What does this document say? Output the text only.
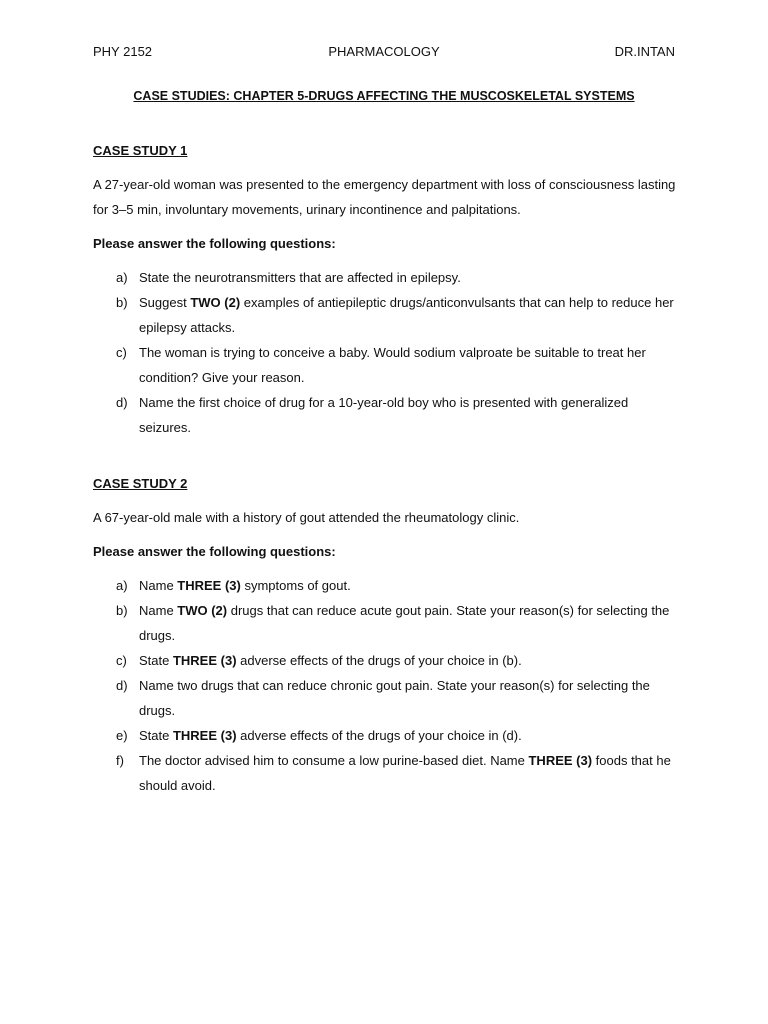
PHY 2152	PHARMACOLOGY	DR.INTAN
CASE STUDIES: CHAPTER 5-DRUGS AFFECTING THE MUSCOSKELETAL SYSTEMS

CASE STUDY 1

A 27-year-old woman was presented to the emergency department with loss of consciousness lasting for 3–5 min, involuntary movements, urinary incontinence and palpitations.

Please answer the following questions:

a) State the neurotransmitters that are affected in epilepsy.
b) Suggest TWO (2) examples of antiepileptic drugs/anticonvulsants that can help to reduce her epilepsy attacks.
c) The woman is trying to conceive a baby. Would sodium valproate be suitable to treat her condition? Give your reason.
d) Name the first choice of drug for a 10-year-old boy who is presented with generalized seizures.

CASE STUDY 2

A 67-year-old male with a history of gout attended the rheumatology clinic.

Please answer the following questions:

a) Name THREE (3) symptoms of gout.
b) Name TWO (2) drugs that can reduce acute gout pain. State your reason(s) for selecting the drugs.
c) State THREE (3) adverse effects of the drugs of your choice in (b).
d) Name two drugs that can reduce chronic gout pain. State your reason(s) for selecting the drugs.
e) State THREE (3) adverse effects of the drugs of your choice in (d).
f) The doctor advised him to consume a low purine-based diet. Name THREE (3) foods that he should avoid.
